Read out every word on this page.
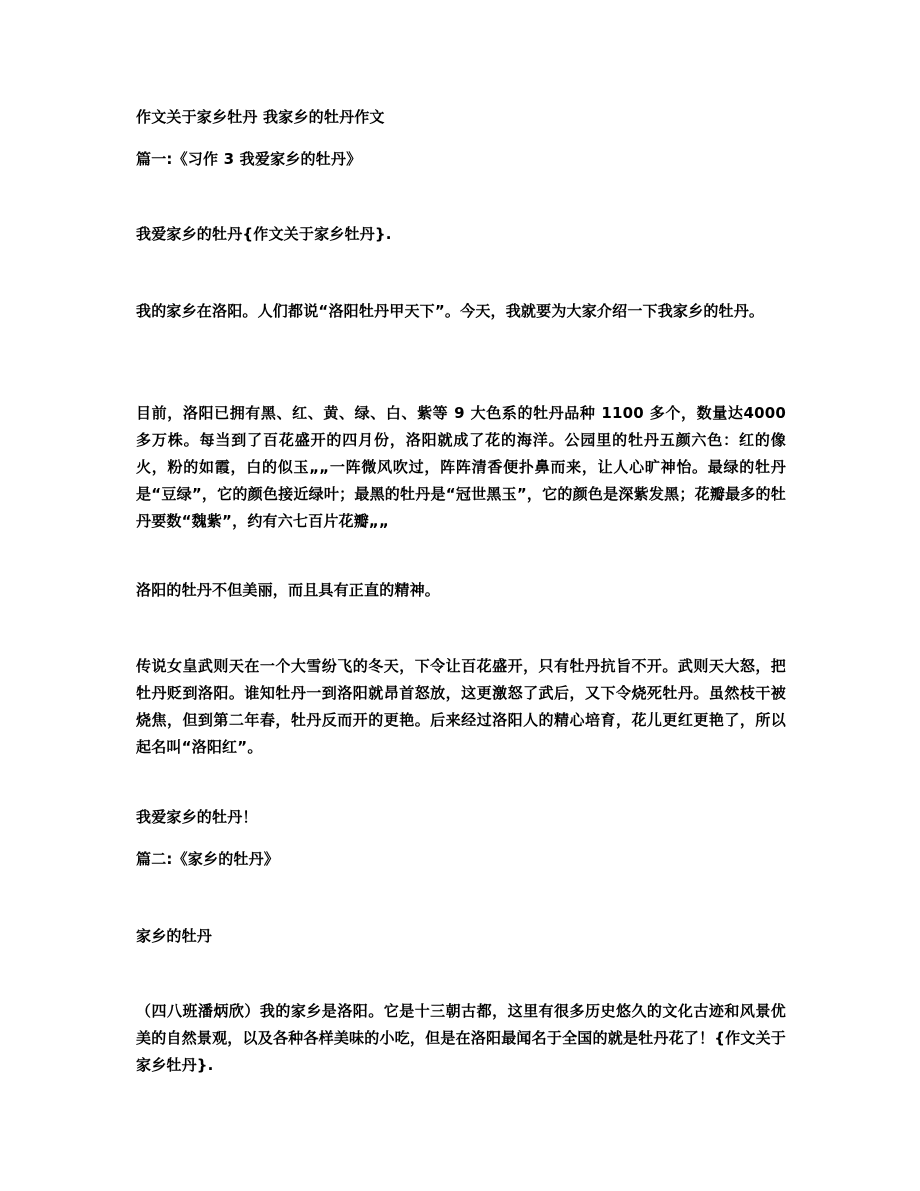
作文关于家乡牡丹 我家乡的牡丹作文
篇一:《习作 3 我爱家乡的牡丹》
我爱家乡的牡丹{作文关于家乡牡丹}.
我的家乡在洛阳。人们都说“洛阳牡丹甲天下”。今天，我就要为大家介绍一下我家乡的牡丹。
目前，洛阳已拥有黑、红、黄、绿、白、紫等 9 大色系的牡丹品种 1100 多个，数量达4000 多万株。每当到了百花盛开的四月份，洛阳就成了花的海洋。公园里的牡丹五颜六色：红的像火，粉的如霞，白的似玉„„一阵微风吹过，阵阵清香便扑鼻而来，让人心旷神怡。最绿的牡丹是“豆绿”，它的颜色接近绿叶；最黑的牡丹是“冠世黑玉”，它的颜色是深紫发黑；花瓣最多的牡丹要数“魏紫”，约有六七百片花瓣„„
洛阳的牡丹不但美丽，而且具有正直的精神。
传说女皇武则天在一个大雪纷飞的冬天，下令让百花盛开，只有牡丹抗旨不开。武则天大怒，把牡丹贬到洛阳。谁知牡丹一到洛阳就昂首怒放，这更激怒了武后，又下令烧死牡丹。虽然枝干被烧焦，但到第二年春，牡丹反而开的更艳。后来经过洛阳人的精心培育，花儿更红更艳了，所以起名叫“洛阳红”。
我爱家乡的牡丹！
篇二:《家乡的牡丹》
家乡的牡丹
（四八班潘炳欣）我的家乡是洛阳。它是十三朝古都，这里有很多历史悠久的文化古迹和风景优美的自然景观，以及各种各样美味的小吃，但是在洛阳最闻名于全国的就是牡丹花了！{作文关于家乡牡丹}.
